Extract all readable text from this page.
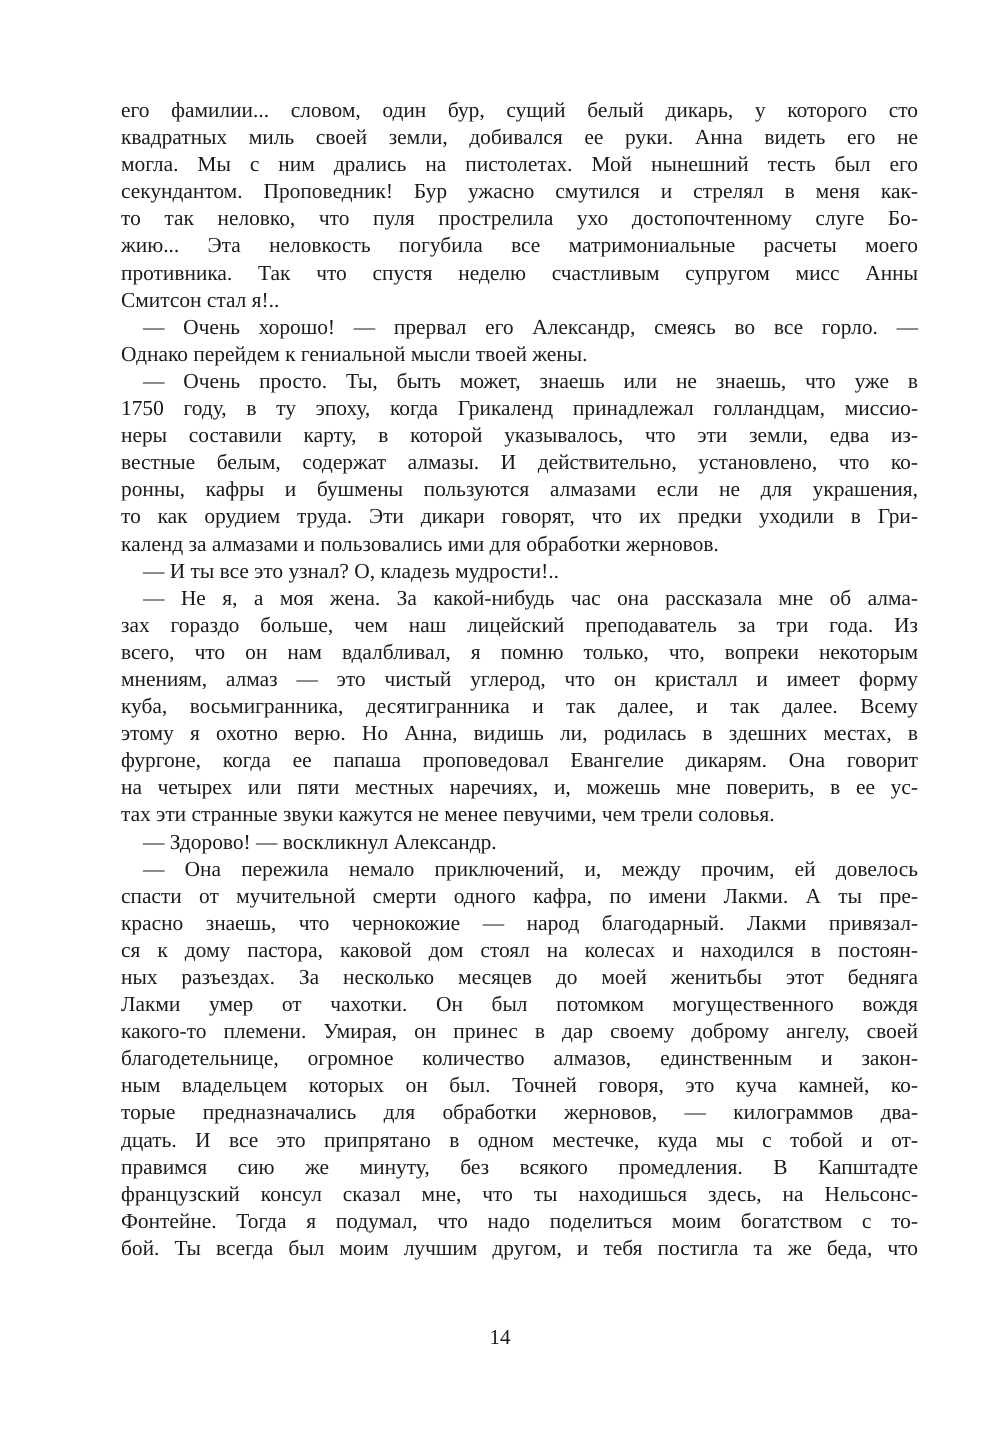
его фамилии... словом, один бур, сущий белый дикарь, у которого сто
квадратных миль своей земли, добивался ее руки. Анна видеть его не
могла. Мы с ним дрались на пистолетах. Мой нынешний тесть был его
секундантом. Проповедник! Бур ужасно смутился и стрелял в меня как-
то так неловко, что пуля прострелила ухо достопочтенному слуге Бо-
жию... Эта неловкость погубила все матримониальные расчеты моего
противника. Так что спустя неделю счастливым супругом мисс Анны
Смитсон стал я!..
— Очень хорошо! — прервал его Александр, смеясь во все горло. —
Однако перейдем к гениальной мысли твоей жены.
— Очень просто. Ты, быть может, знаешь или не знаешь, что уже в
1750 году, в ту эпоху, когда Грикаленд принадлежал голландцам, миссио-
неры составили карту, в которой указывалось, что эти земли, едва из-
вестные белым, содержат алмазы. И действительно, установлено, что ко-
ронны, кафры и бушмены пользуются алмазами если не для украшения,
то как орудием труда. Эти дикари говорят, что их предки уходили в Гри-
календ за алмазами и пользовались ими для обработки жерновов.
— И ты все это узнал? О, кладезь мудрости!..
— Не я, а моя жена. За какой-нибудь час она рассказала мне об алма-
зах гораздо больше, чем наш лицейский преподаватель за три года. Из
всего, что он нам вдалбливал, я помню только, что, вопреки некоторым
мнениям, алмаз — это чистый углерод, что он кристалл и имеет форму
куба, восьмигранника, десятигранника и так далее, и так далее. Всему
этому я охотно верю. Но Анна, видишь ли, родилась в здешних местах, в
фургоне, когда ее папаша проповедовал Евангелие дикарям. Она говорит
на четырех или пяти местных наречиях, и, можешь мне поверить, в ее ус-
тах эти странные звуки кажутся не менее певучими, чем трели соловья.
— Здорово! — воскликнул Александр.
— Она пережила немало приключений, и, между прочим, ей довелось
спасти от мучительной смерти одного кафра, по имени Лакми. А ты пре-
красно знаешь, что чернокожие — народ благодарный. Лакми привязал-
ся к дому пастора, каковой дом стоял на колесах и находился в постоян-
ных разъездах. За несколько месяцев до моей женитьбы этот бедняга
Лакми умер от чахотки. Он был потомком могущественного вождя
какого-то племени. Умирая, он принес в дар своему доброму ангелу, своей
благодетельнице, огромное количество алмазов, единственным и закон-
ным владельцем которых он был. Точней говоря, это куча камней, ко-
торые предназначались для обработки жерновов, — килограммов два-
дцать. И все это припрятано в одном местечке, куда мы с тобой и от-
правимся сию же минуту, без всякого промедления. В Капштадте
французский консул сказал мне, что ты находишься здесь, на Нельсонс-
Фонтейне. Тогда я подумал, что надо поделиться моим богатством с то-
бой. Ты всегда был моим лучшим другом, и тебя постигла та же беда, что
14
